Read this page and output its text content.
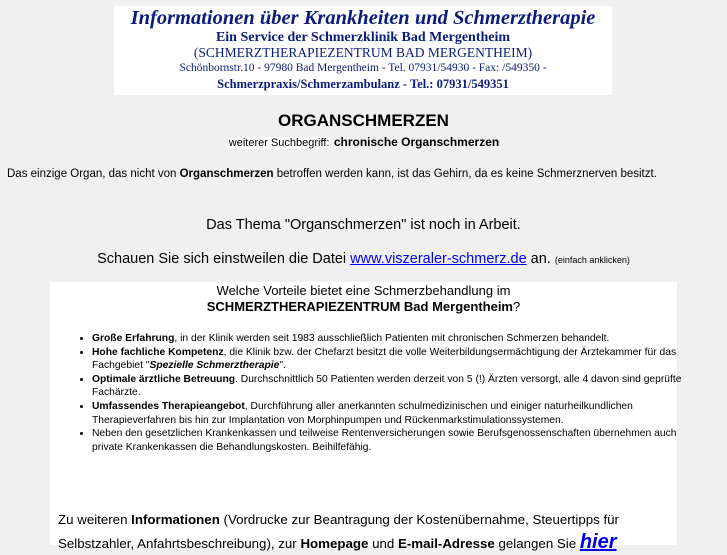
Informationen über Krankheiten und Schmerztherapie
Ein Service der Schmerzklinik Bad Mergentheim
(SCHMERZTHERAPIEZENTRUM BAD MERGENTHEIM)
Schönbornstr.10 - 97980 Bad Mergentheim - Tel. 07931/54930 - Fax: /549350 -
Schmerzpraxis/Schmerzambulanz - Tel.: 07931/549351
ORGANSCHMERZEN
weiterer Suchbegriff: chronische Organschmerzen
Das einzige Organ, das nicht von Organschmerzen betroffen werden kann, ist das Gehirn, da es keine Schmerznerven besitzt.
Das Thema "Organschmerzen" ist noch in Arbeit.
Schauen Sie sich einstweilen die Datei www.viszeraler-schmerz.de an. (einfach anklicken)
Welche Vorteile bietet eine Schmerzbehandlung im
SCHMERZTHERAPIEZENTRUM Bad Mergentheim?
• Große Erfahrung, in der Klinik werden seit 1983 ausschließlich Patienten mit chronischen Schmerzen behandelt.
• Hohe fachliche Kompetenz, die Klinik bzw. der Chefarzt besitzt die volle Weiterbildungsermächtigung der Ärztekammer für das Fachgebiet "Spezielle Schmerztherapie".
• Optimale ärztliche Betreuung. Durchschnittlich 50 Patienten werden derzeit von 5 (!) Ärzten versorgt, alle 4 davon sind geprüfte Fachärzte.
• Umfassendes Therapieangebot, Durchführung aller anerkannten schulmedizinischen und einiger naturheilkundlichen Therapieverfahren bis hin zur Implantation von Morphinpumpen und Rückenmarkstimulationssystemen.
• Neben den gesetzlichen Krankenkassen und teilweise Rentenversicherungen sowie Berufsgenossenschaften übernehmen auch private Krankenkassen die Behandlungskosten. Beihilfefähig.
Zu weiteren Informationen (Vordrucke zur Beantragung der Kostenübernahme, Steuertipps für Selbstzahler, Anfahrtsbeschreibung), zur Homepage und E-mail-Adresse gelangen Sie hier
